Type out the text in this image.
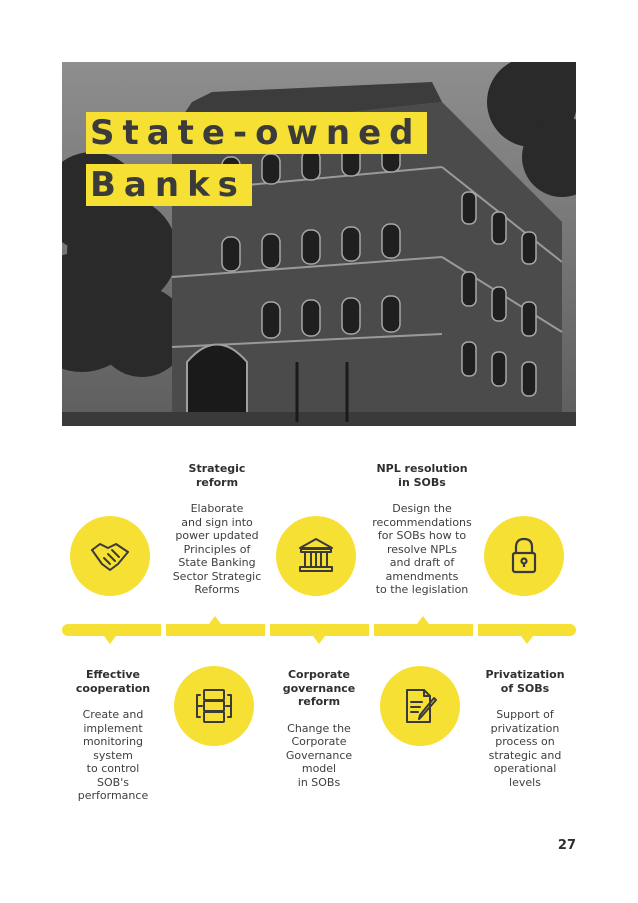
State-owned
Banks
Strategic
reform
Elaborate
and sign into
power updated
Principles of
State Banking
Sector Strategic
Reforms
NPL resolution
in SOBs
Design the
recommendations
for SOBs how to
resolve NPLs
and draft of
amendments
to the legislation
Effective
cooperation
Create and
implement
monitoring
system
to control
SOB's
performance
Corporate
governance
reform
Change the
Corporate
Governance
model
in SOBs
Privatization
of SOBs
Support of
privatization
process on
strategic and
operational
levels
27
